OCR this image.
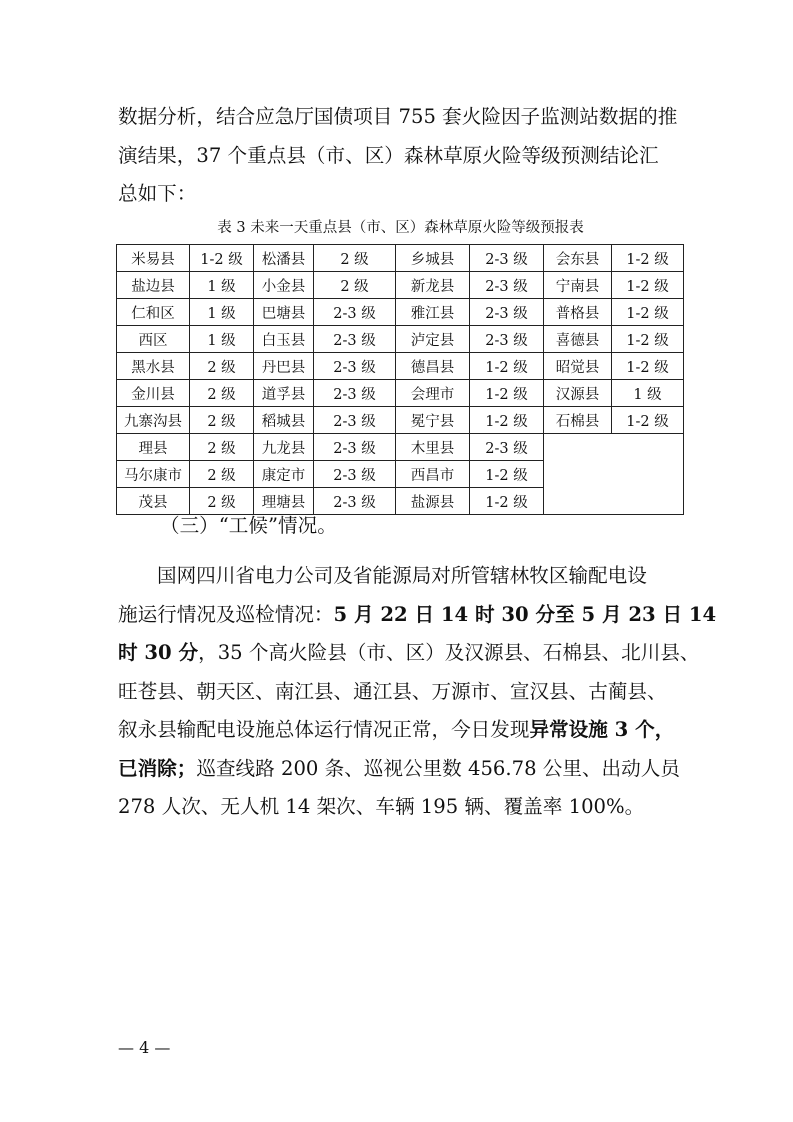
数据分析，结合应急厅国债项目 755 套火险因子监测站数据的推
演结果，37 个重点县（市、区）森林草原火险等级预测结论汇
总如下：
表 3 未来一天重点县（市、区）森林草原火险等级预报表
米易县	1-2 级	松潘县	2 级	乡城县	2-3 级	会东县	1-2 级
盐边县	1 级	小金县	2 级	新龙县	2-3 级	宁南县	1-2 级
仁和区	1 级	巴塘县	2-3 级	雅江县	2-3 级	普格县	1-2 级
西区	1 级	白玉县	2-3 级	泸定县	2-3 级	喜德县	1-2 级
黑水县	2 级	丹巴县	2-3 级	德昌县	1-2 级	昭觉县	1-2 级
金川县	2 级	道孚县	2-3 级	会理市	1-2 级	汉源县	1 级
九寨沟县	2 级	稻城县	2-3 级	冕宁县	1-2 级	石棉县	1-2 级
理县	2 级	九龙县	2-3 级	木里县	2-3 级		
马尔康市	2 级	康定市	2-3 级	西昌市	1-2 级		
茂县	2 级	理塘县	2-3 级	盐源县	1-2 级		
（三）“工候”情况。
国网四川省电力公司及省能源局对所管辖林牧区输配电设
施运行情况及巡检情况：5 月 22 日 14 时 30 分至 5 月 23 日 14
时 30 分，35 个高火险县（市、区）及汉源县、石棉县、北川县、
旺苍县、朝天区、南江县、通江县、万源市、宣汉县、古蔺县、
叙永县输配电设施总体运行情况正常，今日发现异常设施 3 个，
已消除；巡查线路 200 条、巡视公里数 456.78 公里、出动人员
278 人次、无人机 14 架次、车辆 195 辆、覆盖率 100%。
— 4 —
